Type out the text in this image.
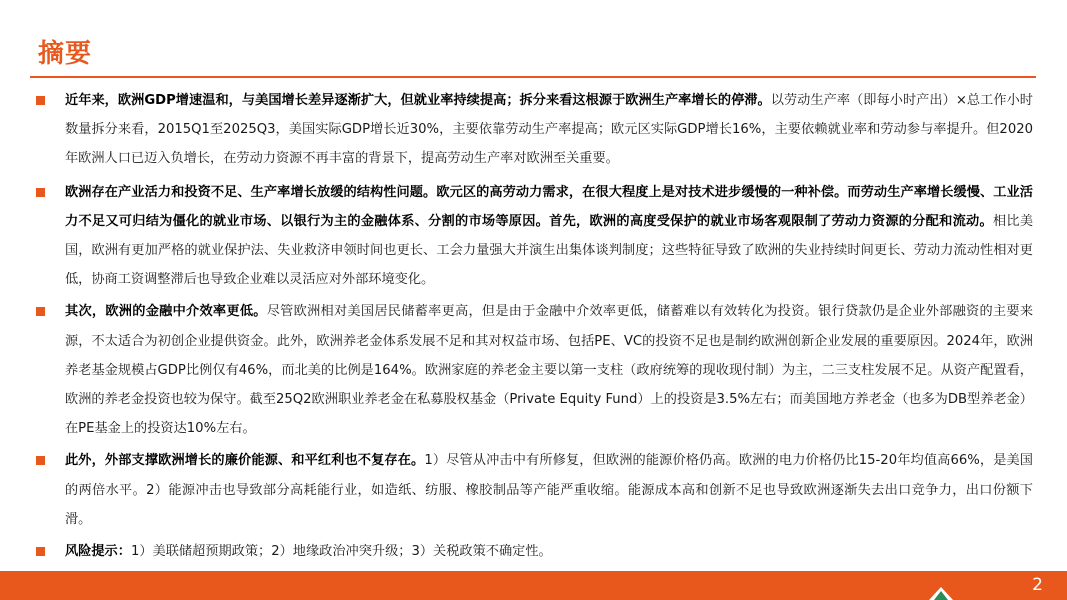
摘要
近年来，欧洲GDP增速温和，与美国增长差异逐渐扩大，但就业率持续提高；拆分来看这根源于欧洲生产率增长的停滞。以劳动生产率（即每小时产出）×总工作小时数量拆分来看，2015Q1至2025Q3，美国实际GDP增长近30%，主要依靠劳动生产率提高；欧元区实际GDP增长16%，主要依赖就业率和劳动参与率提升。但2020年欧洲人口已迈入负增长，在劳动力资源不再丰富的背景下，提高劳动生产率对欧洲至关重要。
欧洲存在产业活力和投资不足、生产率增长放缓的结构性问题。欧元区的高劳动力需求，在很大程度上是对技术进步缓慢的一种补偿。而劳动生产率增长缓慢、工业活力不足又可归结为僵化的就业市场、以银行为主的金融体系、分割的市场等原因。首先，欧洲的高度受保护的就业市场客观限制了劳动力资源的分配和流动。相比美国，欧洲有更加严格的就业保护法、失业救济申领时间也更长、工会力量强大并演生出集体谈判制度；这些特征导致了欧洲的失业持续时间更长、劳动力流动性相对更低，协商工资调整滞后也导致企业难以灵活应对外部环境变化。
其次，欧洲的金融中介效率更低。尽管欧洲相对美国居民储蓄率更高，但是由于金融中介效率更低，储蓄难以有效转化为投资。银行贷款仍是企业外部融资的主要来源，不太适合为初创企业提供资金。此外，欧洲养老金体系发展不足和其对权益市场、包括PE、VC的投资不足也是制约欧洲创新企业发展的重要原因。2024年，欧洲养老基金规模占GDP比例仅有46%，而北美的比例是164%。欧洲家庭的养老金主要以第一支柱（政府统筹的现收现付制）为主，二三支柱发展不足。从资产配置看，欧洲的养老金投资也较为保守。截至25Q2欧洲职业养老金在私募股权基金（Private Equity Fund）上的投资是3.5%左右；而美国地方养老金（也多为DB型养老金）在PE基金上的投资达10%左右。
此外，外部支撑欧洲增长的廉价能源、和平红利也不复存在。1）尽管从冲击中有所修复，但欧洲的能源价格仍高。欧洲的电力价格仍比15-20年均值高66%，是美国的两倍水平。2）能源冲击也导致部分高耗能行业，如造纸、纺服、橡胶制品等产能严重收缩。能源成本高和创新不足也导致欧洲逐渐失去出口竞争力，出口份额下滑。
风险提示：1）美联储超预期政策；2）地缘政治冲突升级；3）关税政策不确定性。
2
